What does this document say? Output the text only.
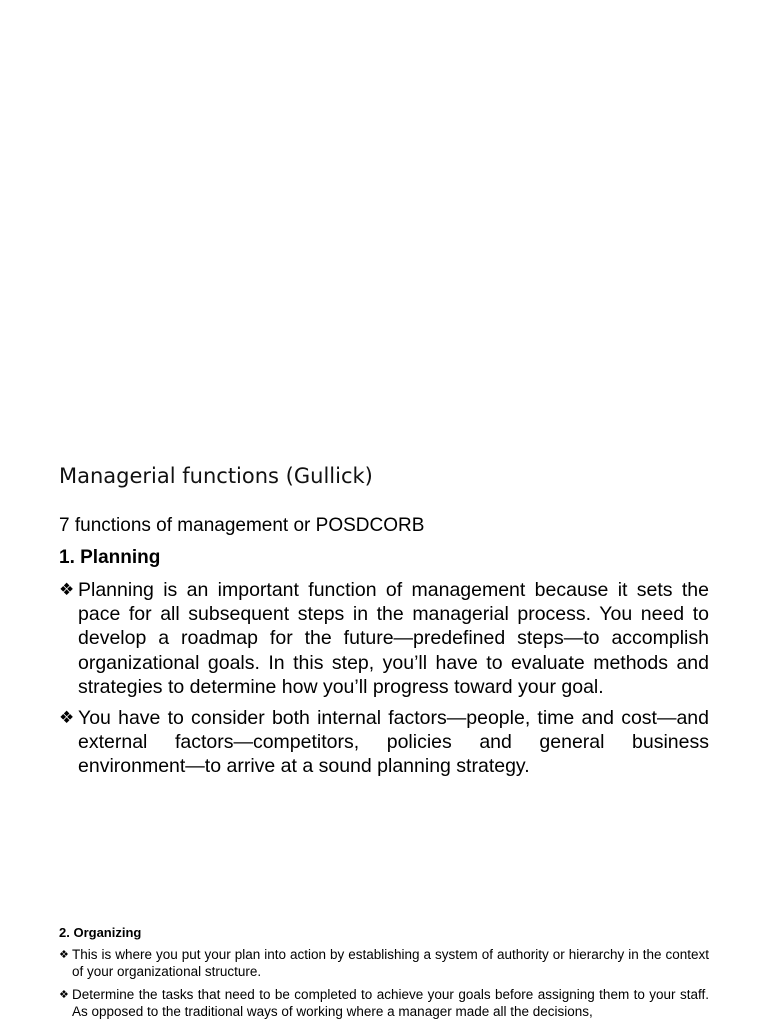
Managerial functions (Gullick)

7 functions of management or POSDCORB

1. Planning

❖ Planning is an important function of management because it sets the pace for all subsequent steps in the managerial process. You need to develop a roadmap for the future—predefined steps—to accomplish organizational goals. In this step, you’ll have to evaluate methods and strategies to determine how you’ll progress toward your goal.
❖ You have to consider both internal factors—people, time and cost—and external factors—competitors, policies and general business environment—to arrive at a sound planning strategy.

2. Organizing

❖ This is where you put your plan into action by establishing a system of authority or hierarchy in the context of your organizational structure.
❖ Determine the tasks that need to be completed to achieve your goals before assigning them to your staff. As opposed to the traditional ways of working where a manager made all the decisions,
